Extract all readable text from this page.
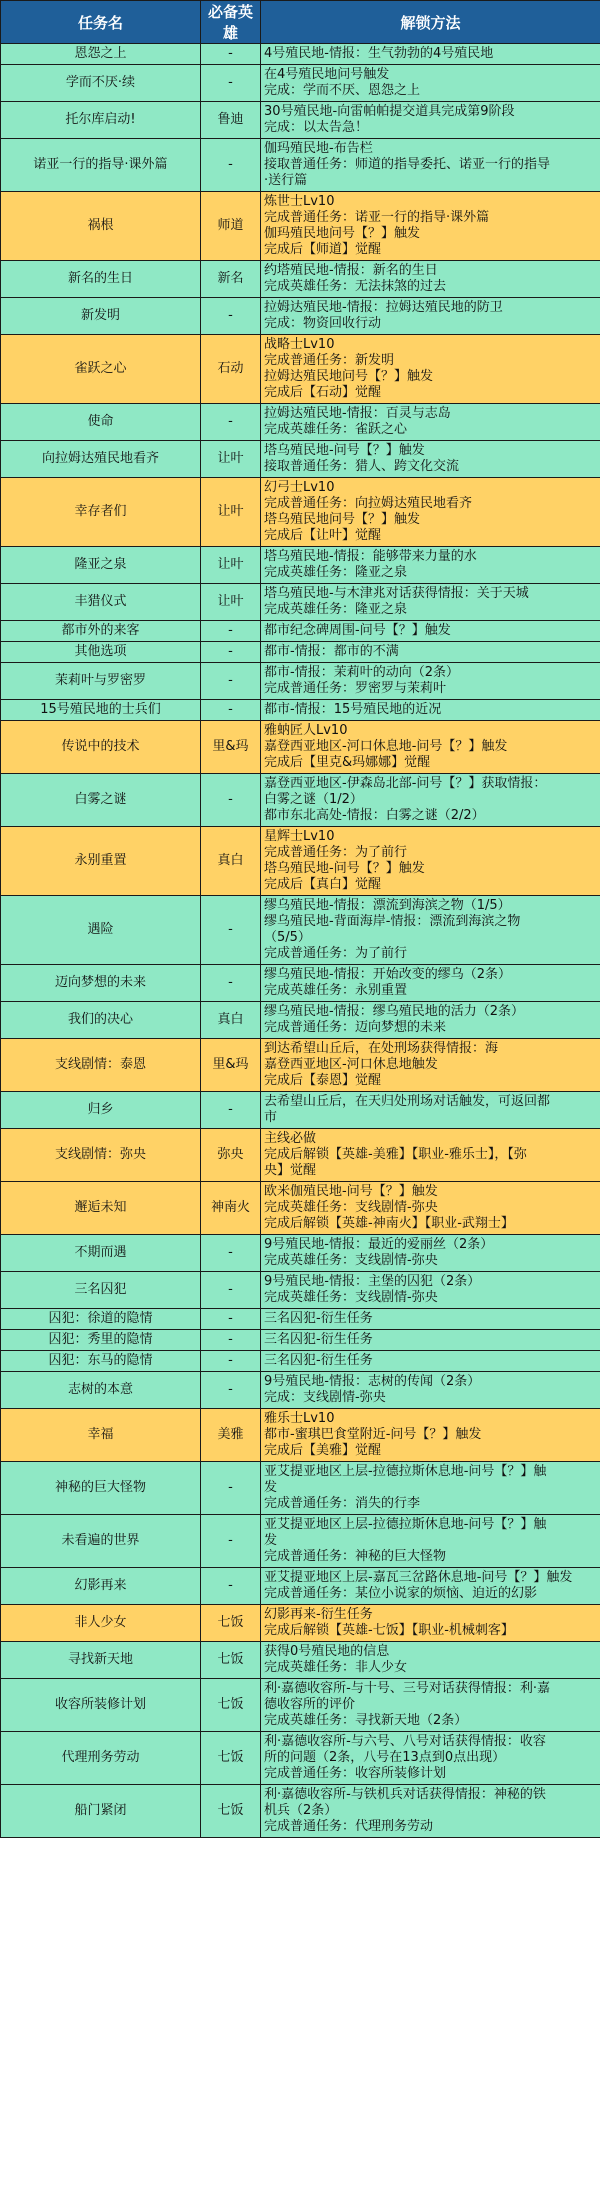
任务名	必备英雄	解锁方法
恩怨之上	-	4号殖民地-情报：生气勃勃的4号殖民地

学而不厌·续	-	在4号殖民地问号触发
完成：学而不厌、恩怨之上

托尔库启动!	鲁迪	30号殖民地-向雷帕帕提交道具完成第9阶段
完成：以太告急！

诺亚一行的指导·课外篇	-	伽玛殖民地-布告栏
接取普通任务：师道的指导委托、诺亚一行的指导
·送行篇

祸根	师道	炼世士Lv10
完成普通任务：诺亚一行的指导·课外篇
伽玛殖民地问号【？】触发
完成后【师道】觉醒

新名的生日	新名	约塔殖民地-情报：新名的生日
完成英雄任务：无法抹煞的过去

新发明	-	拉姆达殖民地-情报：拉姆达殖民地的防卫
完成：物资回收行动

雀跃之心	石动	战略士Lv10
完成普通任务：新发明
拉姆达殖民地问号【？】触发
完成后【石动】觉醒

使命	-	拉姆达殖民地-情报：百灵与志岛
完成英雄任务：雀跃之心

向拉姆达殖民地看齐	让叶	塔乌殖民地-问号【？】触发
接取普通任务：猎人、跨文化交流

幸存者们	让叶	幻弓士Lv10
完成普通任务：向拉姆达殖民地看齐
塔乌殖民地问号【？】触发
完成后【让叶】觉醒

隆亚之泉	让叶	塔乌殖民地-情报：能够带来力量的水
完成英雄任务：隆亚之泉

丰猎仪式	让叶	塔乌殖民地-与木津兆对话获得情报：关于天城
完成英雄任务：隆亚之泉

都市外的来客	-	都市纪念碑周围-问号【？】触发

其他选项	-	都市-情报：都市的不满

茉莉叶与罗密罗	-	都市-情报：茉莉叶的动向（2条）
完成普通任务：罗密罗与茉莉叶

15号殖民地的士兵们	-	都市-情报：15号殖民地的近况

传说中的技术	里&玛	雅蚋匠人Lv10
嘉登西亚地区-河口休息地-问号【？】触发
完成后【里克&玛娜娜】觉醒

白雾之谜	-	嘉登西亚地区-伊森岛北部-问号【？】获取情报：
白雾之谜（1/2）
都市东北高处-情报：白雾之谜（2/2）

永别重置	真白	星辉士Lv10
完成普通任务：为了前行
塔乌殖民地-问号【？】触发
完成后【真白】觉醒

遇险	-	缪乌殖民地-情报：漂流到海滨之物（1/5）
缪乌殖民地-背面海岸-情报：漂流到海滨之物
（5/5）
完成普通任务：为了前行

迈向梦想的未来	-	缪乌殖民地-情报：开始改变的缪乌（2条）
完成英雄任务：永别重置

我们的决心	真白	缪乌殖民地-情报：缪乌殖民地的活力（2条）
完成普通任务：迈向梦想的未来

支线剧情：泰恩	里&玛	到达希望山丘后，在处刑场获得情报：海
嘉登西亚地区-河口休息地触发
完成后【泰恩】觉醒

归乡	-	去希望山丘后，在天归处刑场对话触发，可返回都
市

支线剧情：弥央	弥央	主线必做
完成后解锁【英雄-美雅】【职业-雅乐士】，【弥
央】觉醒

邂逅未知	神南火	欧米伽殖民地-问号【？】触发
完成英雄任务：支线剧情-弥央
完成后解锁【英雄-神南火】【职业-武翔士】

不期而遇	-	9号殖民地-情报：最近的爱丽丝（2条）
完成英雄任务：支线剧情-弥央

三名囚犯	-	9号殖民地-情报：主堡的囚犯（2条）
完成英雄任务：支线剧情-弥央

囚犯：徐道的隐情	-	三名囚犯-衍生任务

囚犯：秀里的隐情	-	三名囚犯-衍生任务

囚犯：东马的隐情	-	三名囚犯-衍生任务

志树的本意	-	9号殖民地-情报：志树的传闻（2条）
完成：支线剧情-弥央

幸福	美雅	雅乐士Lv10
都市-蜜琪巴食堂附近-问号【？】触发
完成后【美雅】觉醒

神秘的巨大怪物	-	亚艾提亚地区上层-拉德拉斯休息地-问号【？】触
发
完成普通任务：消失的行李

未看遍的世界	-	亚艾提亚地区上层-拉德拉斯休息地-问号【？】触
发
完成普通任务：神秘的巨大怪物

幻影再来	-	亚艾提亚地区上层-嘉瓦三岔路休息地-问号【？】触发
完成普通任务：某位小说家的烦恼、迫近的幻影

非人少女	七饭	幻影再来-衍生任务
完成后解锁【英雄-七饭】【职业-机械刺客】

寻找新天地	七饭	获得0号殖民地的信息
完成英雄任务：非人少女

收容所装修计划	七饭	利·嘉德收容所-与十号、三号对话获得情报：利·嘉
德收容所的评价
完成英雄任务：寻找新天地（2条）

代理刑务劳动	七饭	利·嘉德收容所-与六号、八号对话获得情报：收容
所的问题（2条，八号在13点到0点出现）
完成普通任务：收容所装修计划

船门紧闭	七饭	利·嘉德收容所-与铁机兵对话获得情报：神秘的铁
机兵（2条）
完成普通任务：代理刑务劳动
